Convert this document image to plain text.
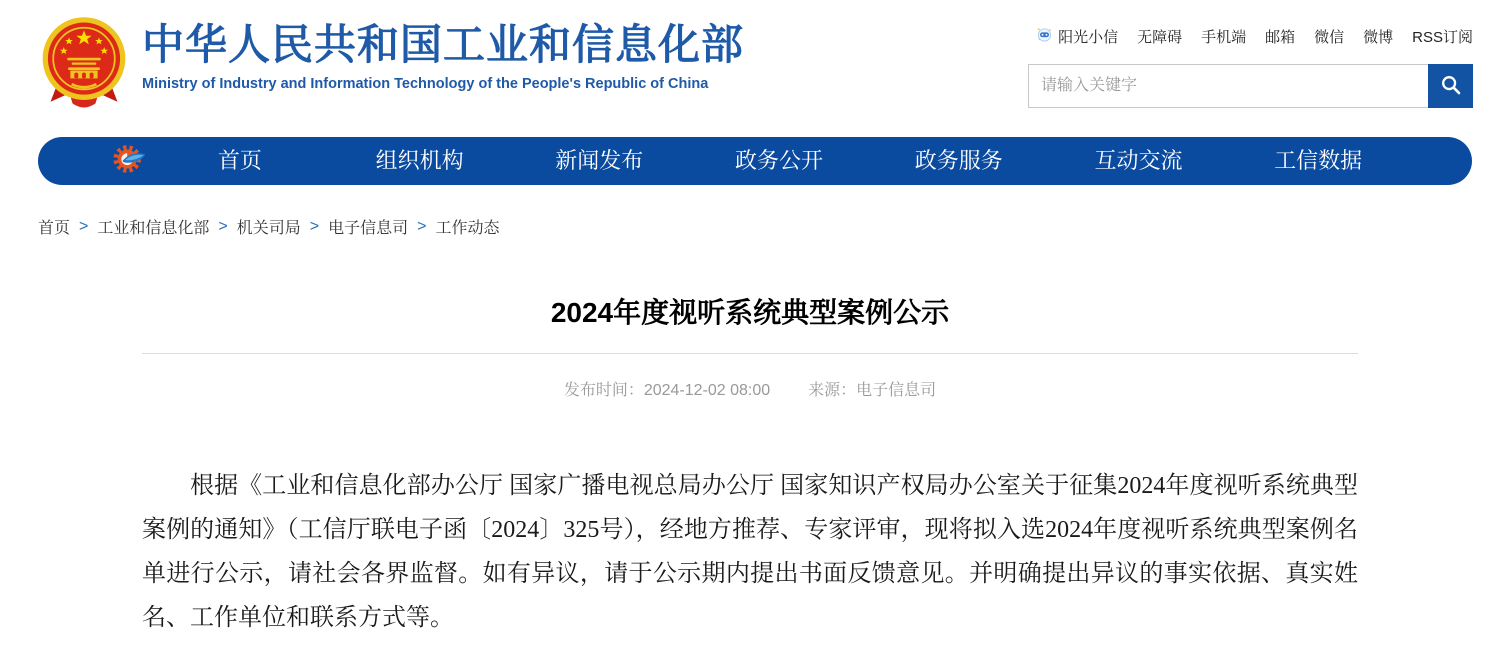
中华人民共和国工业和信息化部
Ministry of Industry and Information Technology of the People's Republic of China
阳光小信 无障碍 手机端 邮箱 微信 微博 RSS订阅
请输入关键字
首页	组织机构	新闻发布	政务公开	政务服务	互动交流	工信数据
首页 > 工业和信息化部 > 机关司局 > 电子信息司 > 工作动态
2024年度视听系统典型案例公示
发布时间：2024-12-02 08:00 来源：电子信息司

根据《工业和信息化部办公厅 国家广播电视总局办公厅 国家知识产权局办公室关于征集2024年度视听系统典型案例的通知》（工信厅联电子函〔2024〕325号），经地方推荐、专家评审，现将拟入选2024年度视听系统典型案例名单进行公示，请社会各界监督。如有异议，请于公示期内提出书面反馈意见。并明确提出异议的事实依据、真实姓名、工作单位和联系方式等。
